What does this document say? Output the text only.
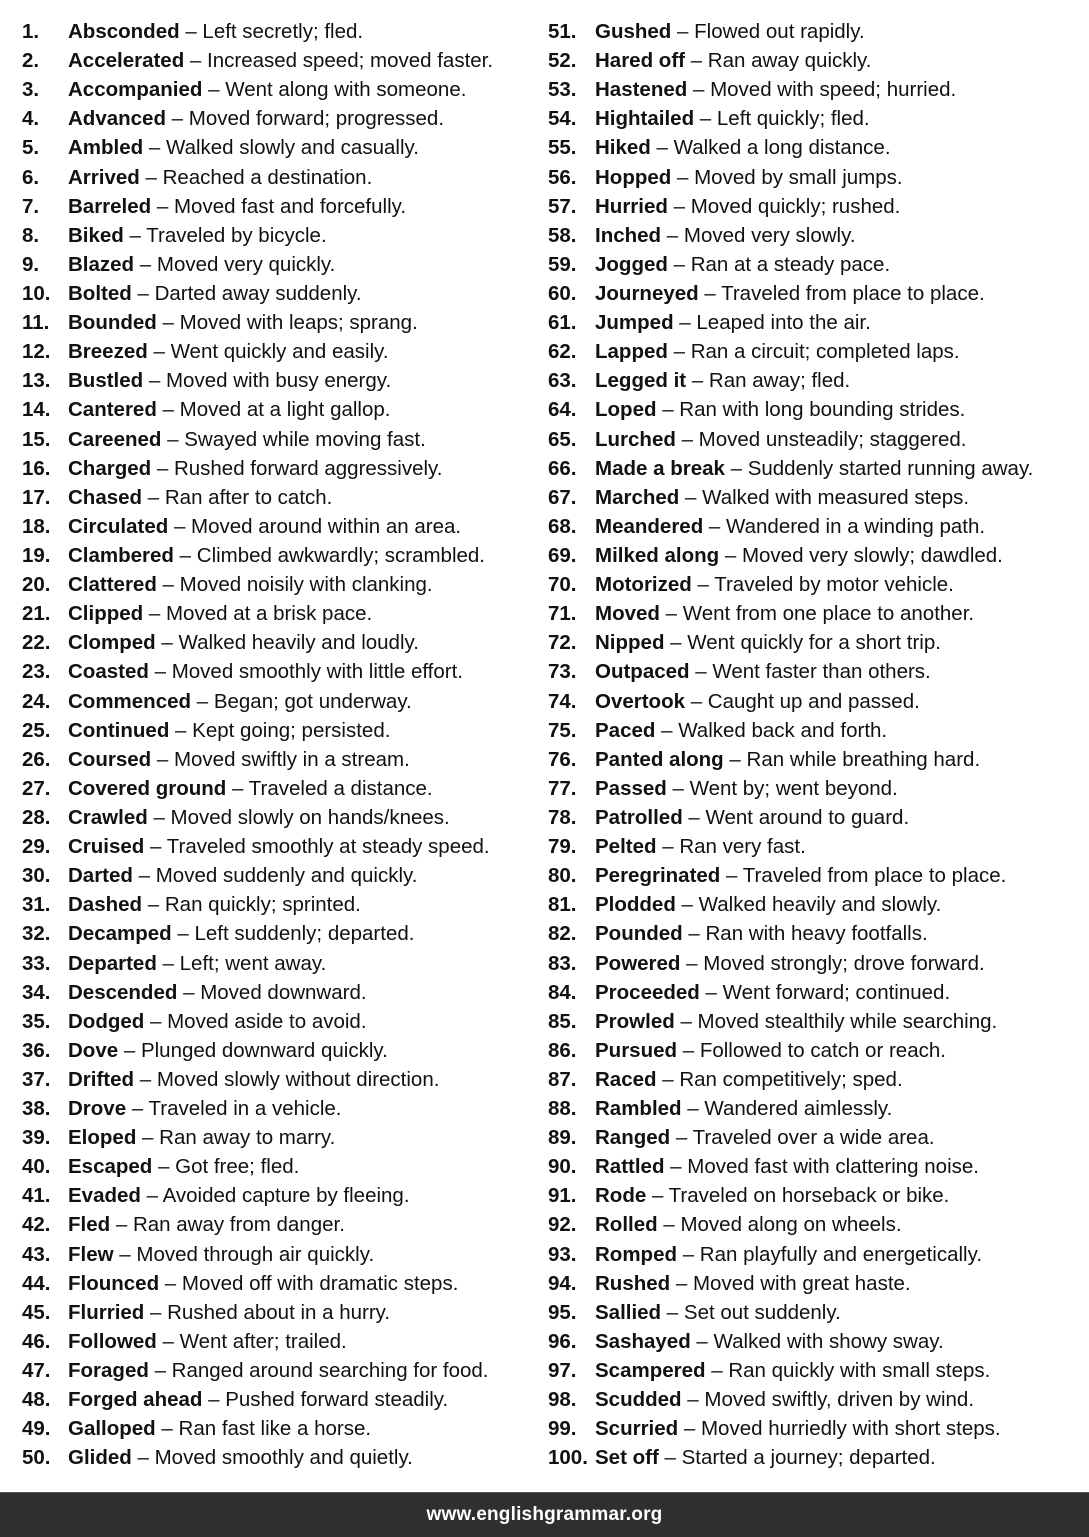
1. Absconded – Left secretly; fled.
2. Accelerated – Increased speed; moved faster.
3. Accompanied – Went along with someone.
4. Advanced – Moved forward; progressed.
5. Ambled – Walked slowly and casually.
6. Arrived – Reached a destination.
7. Barreled – Moved fast and forcefully.
8. Biked – Traveled by bicycle.
9. Blazed – Moved very quickly.
10. Bolted – Darted away suddenly.
11. Bounded – Moved with leaps; sprang.
12. Breezed – Went quickly and easily.
13. Bustled – Moved with busy energy.
14. Cantered – Moved at a light gallop.
15. Careened – Swayed while moving fast.
16. Charged – Rushed forward aggressively.
17. Chased – Ran after to catch.
18. Circulated – Moved around within an area.
19. Clambered – Climbed awkwardly; scrambled.
20. Clattered – Moved noisily with clanking.
21. Clipped – Moved at a brisk pace.
22. Clomped – Walked heavily and loudly.
23. Coasted – Moved smoothly with little effort.
24. Commenced – Began; got underway.
25. Continued – Kept going; persisted.
26. Coursed – Moved swiftly in a stream.
27. Covered ground – Traveled a distance.
28. Crawled – Moved slowly on hands/knees.
29. Cruised – Traveled smoothly at steady speed.
30. Darted – Moved suddenly and quickly.
31. Dashed – Ran quickly; sprinted.
32. Decamped – Left suddenly; departed.
33. Departed – Left; went away.
34. Descended – Moved downward.
35. Dodged – Moved aside to avoid.
36. Dove – Plunged downward quickly.
37. Drifted – Moved slowly without direction.
38. Drove – Traveled in a vehicle.
39. Eloped – Ran away to marry.
40. Escaped – Got free; fled.
41. Evaded – Avoided capture by fleeing.
42. Fled – Ran away from danger.
43. Flew – Moved through air quickly.
44. Flounced – Moved off with dramatic steps.
45. Flurried – Rushed about in a hurry.
46. Followed – Went after; trailed.
47. Foraged – Ranged around searching for food.
48. Forged ahead – Pushed forward steadily.
49. Galloped – Ran fast like a horse.
50. Glided – Moved smoothly and quietly.
51. Gushed – Flowed out rapidly.
52. Hared off – Ran away quickly.
53. Hastened – Moved with speed; hurried.
54. Hightailed – Left quickly; fled.
55. Hiked – Walked a long distance.
56. Hopped – Moved by small jumps.
57. Hurried – Moved quickly; rushed.
58. Inched – Moved very slowly.
59. Jogged – Ran at a steady pace.
60. Journeyed – Traveled from place to place.
61. Jumped – Leaped into the air.
62. Lapped – Ran a circuit; completed laps.
63. Legged it – Ran away; fled.
64. Loped – Ran with long bounding strides.
65. Lurched – Moved unsteadily; staggered.
66. Made a break – Suddenly started running away.
67. Marched – Walked with measured steps.
68. Meandered – Wandered in a winding path.
69. Milked along – Moved very slowly; dawdled.
70. Motorized – Traveled by motor vehicle.
71. Moved – Went from one place to another.
72. Nipped – Went quickly for a short trip.
73. Outpaced – Went faster than others.
74. Overtook – Caught up and passed.
75. Paced – Walked back and forth.
76. Panted along – Ran while breathing hard.
77. Passed – Went by; went beyond.
78. Patrolled – Went around to guard.
79. Pelted – Ran very fast.
80. Peregrinated – Traveled from place to place.
81. Plodded – Walked heavily and slowly.
82. Pounded – Ran with heavy footfalls.
83. Powered – Moved strongly; drove forward.
84. Proceeded – Went forward; continued.
85. Prowled – Moved stealthily while searching.
86. Pursued – Followed to catch or reach.
87. Raced – Ran competitively; sped.
88. Rambled – Wandered aimlessly.
89. Ranged – Traveled over a wide area.
90. Rattled – Moved fast with clattering noise.
91. Rode – Traveled on horseback or bike.
92. Rolled – Moved along on wheels.
93. Romped – Ran playfully and energetically.
94. Rushed – Moved with great haste.
95. Sallied – Set out suddenly.
96. Sashayed – Walked with showy sway.
97. Scampered – Ran quickly with small steps.
98. Scudded – Moved swiftly, driven by wind.
99. Scurried – Moved hurriedly with short steps.
100. Set off – Started a journey; departed.
www.englishgrammar.org
